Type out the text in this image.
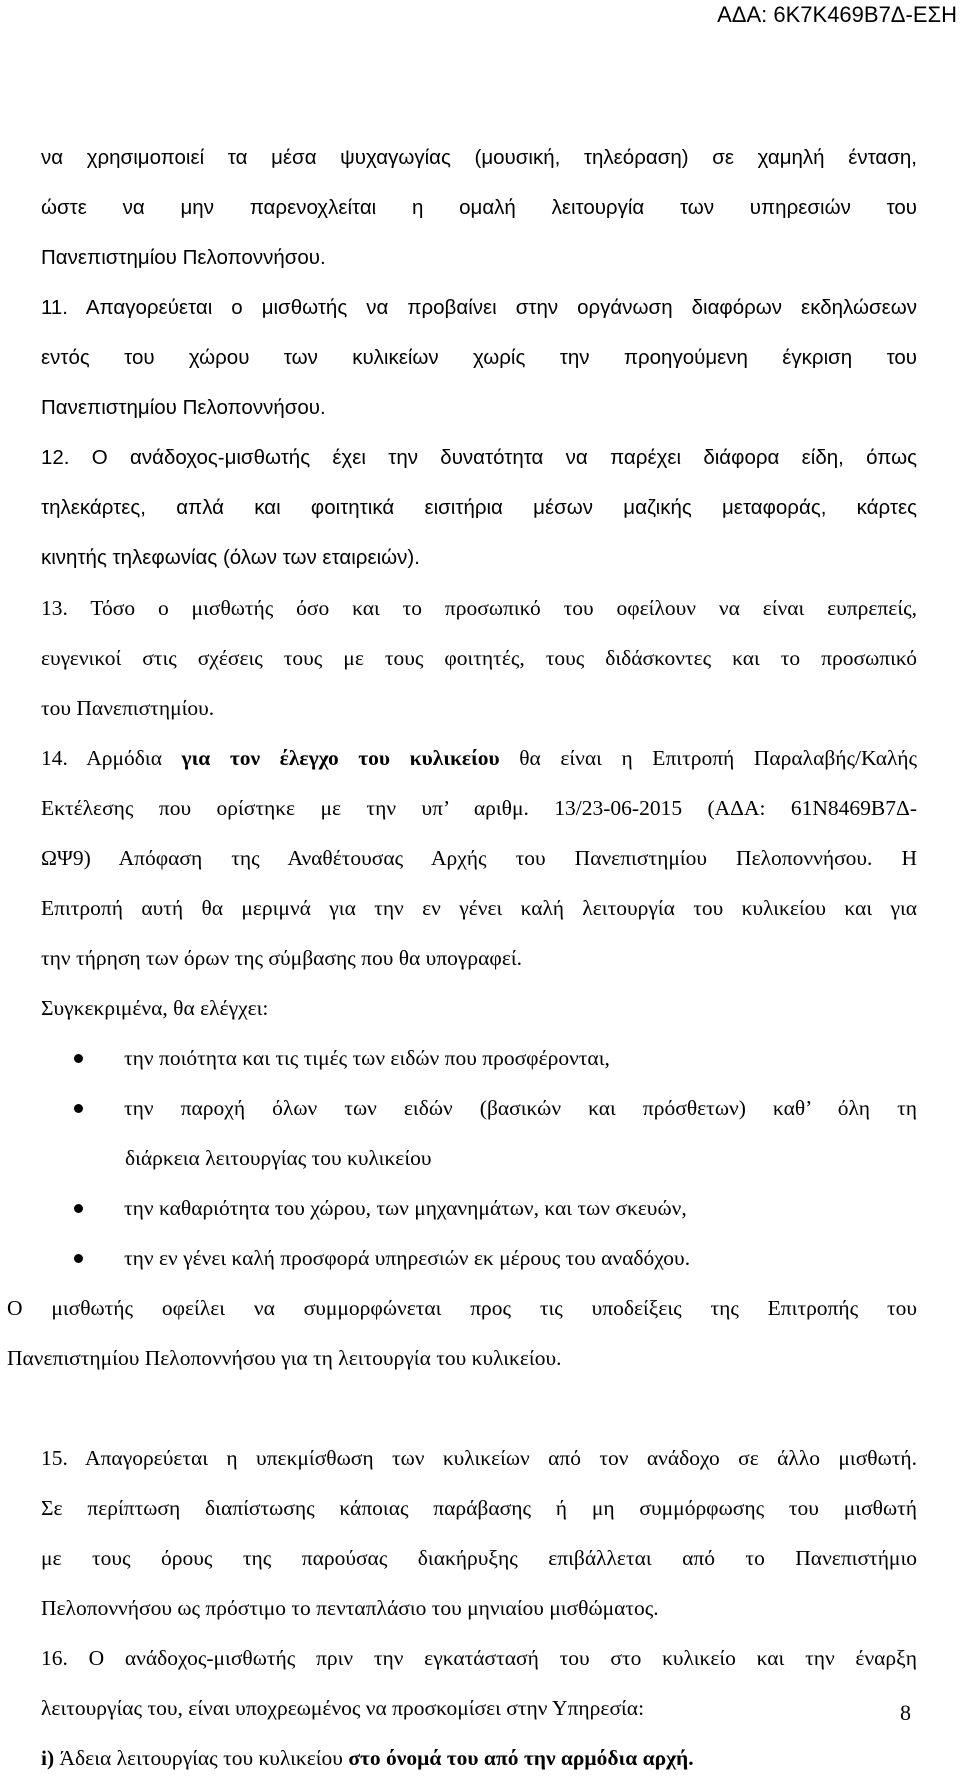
ΑΔΑ: 6Κ7Κ469Β7Δ-ΕΣΗ
να χρησιμοποιεί τα μέσα ψυχαγωγίας (μουσική, τηλεόραση) σε χαμηλή ένταση,
ώστε να μην παρενοχλείται η ομαλή λειτουργία των υπηρεσιών του
Πανεπιστημίου Πελοποννήσου.
11. Απαγορεύεται ο μισθωτής να προβαίνει στην οργάνωση διαφόρων εκδηλώσεων
εντός του χώρου των κυλικείων χωρίς την προηγούμενη έγκριση του
Πανεπιστημίου Πελοποννήσου.
12. Ο ανάδοχος-μισθωτής έχει την δυνατότητα να παρέχει διάφορα είδη, όπως
τηλεκάρτες, απλά και φοιτητικά εισιτήρια μέσων μαζικής μεταφοράς, κάρτες
κινητής τηλεφωνίας (όλων των εταιρειών).
13. Τόσο ο μισθωτής όσο και το προσωπικό του οφείλουν να είναι ευπρεπείς,
ευγενικοί στις σχέσεις τους με τους φοιτητές, τους διδάσκοντες και το προσωπικό
του Πανεπιστημίου.
14. Αρμόδια για τον έλεγχο του κυλικείου θα είναι η Επιτροπή Παραλαβής/Καλής
Εκτέλεσης που ορίστηκε με την υπ’ αριθμ. 13/23-06-2015 (ΑΔΑ: 61Ν8469Β7Δ-
ΩΨ9) Απόφαση της Αναθέτουσας Αρχής του Πανεπιστημίου Πελοποννήσου. Η
Επιτροπή αυτή θα μεριμνά για την εν γένει καλή λειτουργία του κυλικείου και για
την τήρηση των όρων της σύμβασης που θα υπογραφεί.
Συγκεκριμένα, θα ελέγχει:
την ποιότητα και τις τιμές των ειδών που προσφέρονται,
την παροχή όλων των ειδών (βασικών και πρόσθετων) καθ’ όλη τη
διάρκεια λειτουργίας του κυλικείου
την καθαριότητα του χώρου, των μηχανημάτων, και των σκευών,
την εν γένει καλή προσφορά υπηρεσιών εκ μέρους του αναδόχου.
Ο μισθωτής οφείλει να συμμορφώνεται προς τις υποδείξεις της Επιτροπής του
Πανεπιστημίου Πελοποννήσου για τη λειτουργία του κυλικείου.
15. Απαγορεύεται η υπεκμίσθωση των κυλικείων από τον ανάδοχο σε άλλο μισθωτή.
Σε περίπτωση διαπίστωσης κάποιας παράβασης ή μη συμμόρφωσης του μισθωτή
με τους όρους της παρούσας διακήρυξης επιβάλλεται από το Πανεπιστήμιο
Πελοποννήσου ως πρόστιμο το πενταπλάσιο του μηνιαίου μισθώματος.
16. Ο ανάδοχος-μισθωτής πριν την εγκατάστασή του στο κυλικείο και την έναρξη
λειτουργίας του, είναι υποχρεωμένος να προσκομίσει στην Υπηρεσία:
i) Άδεια λειτουργίας του κυλικείου στο όνομά του από την αρμόδια αρχή.
8
